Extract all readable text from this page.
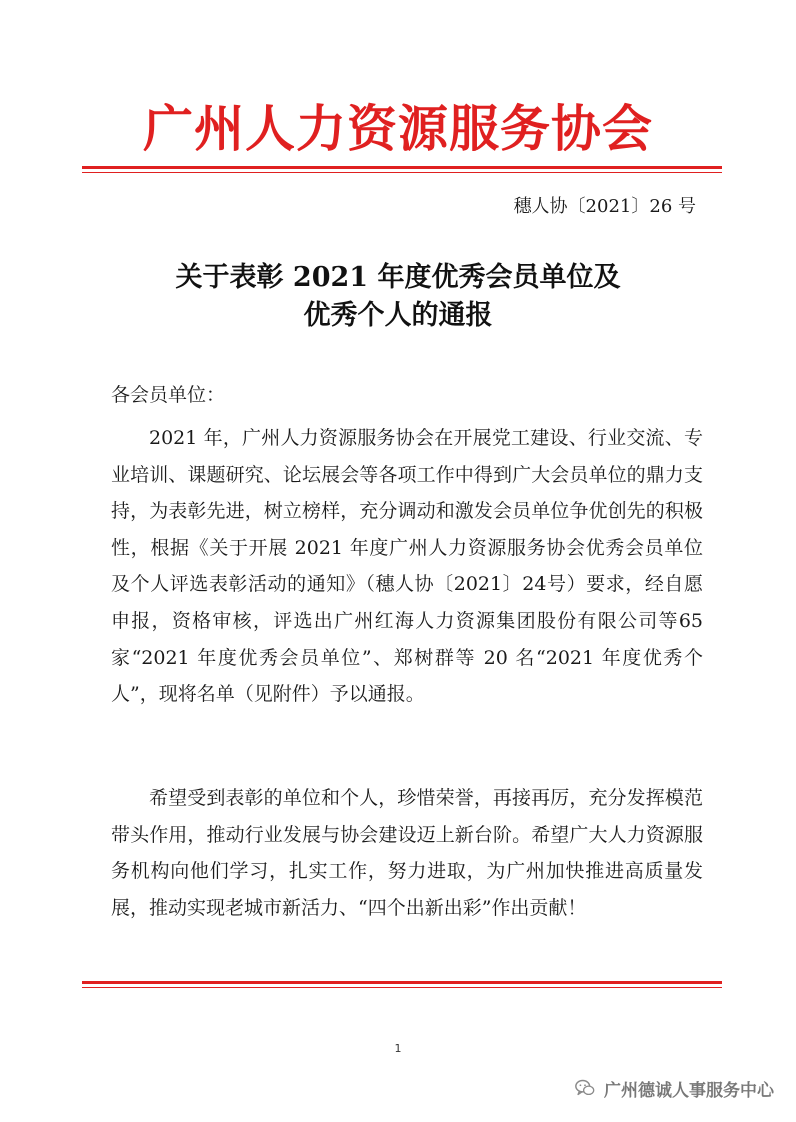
广州人力资源服务协会
穗人协〔2021〕26 号
关于表彰 2021 年度优秀会员单位及
优秀个人的通报
各会员单位：

2021 年，广州人力资源服务协会在开展党工建设、行业交流、专业培训、课题研究、论坛展会等各项工作中得到广大会员单位的鼎力支持，为表彰先进，树立榜样，充分调动和激发会员单位争优创先的积极性，根据《关于开展 2021 年度广州人力资源服务协会优秀会员单位及个人评选表彰活动的通知》（穗人协〔2021〕24号）要求，经自愿申报，资格审核，评选出广州红海人力资源集团股份有限公司等65 家“2021 年度优秀会员单位”、郑树群等 20 名“2021 年度优秀个人”，现将名单（见附件）予以通报。

希望受到表彰的单位和个人，珍惜荣誉，再接再厉，充分发挥模范带头作用，推动行业发展与协会建设迈上新台阶。希望广大人力资源服务机构向他们学习，扎实工作，努力进取，为广州加快推进高质量发展，推动实现老城市新活力、“四个出新出彩”作出贡献！

1
广州德诚人事服务中心
